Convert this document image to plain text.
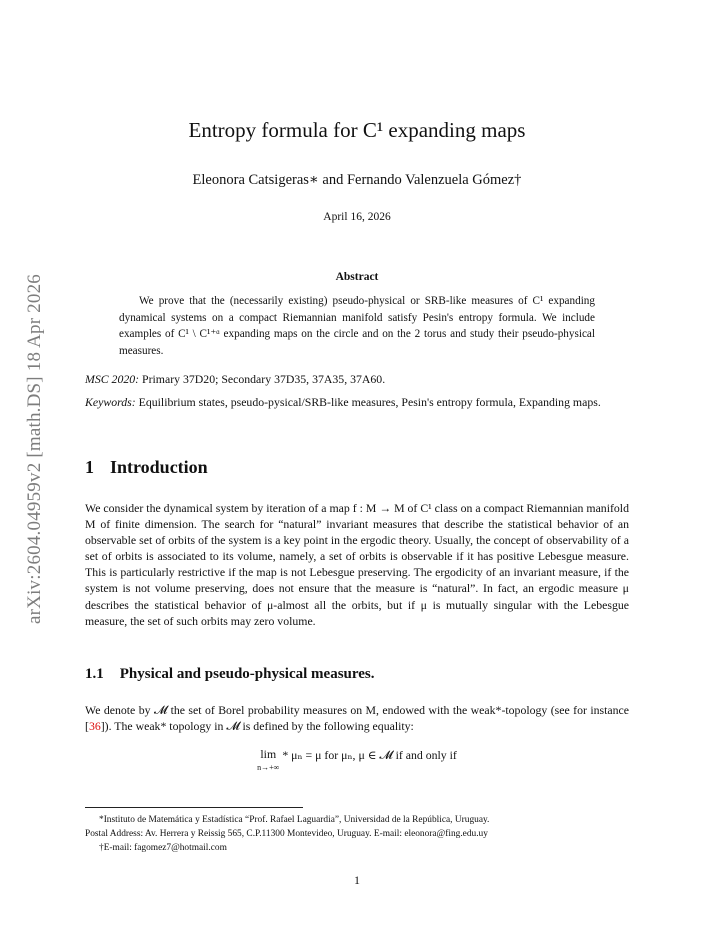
arXiv:2604.04959v2 [math.DS] 18 Apr 2026
Entropy formula for C¹ expanding maps
Eleonora Catsigeras∗ and Fernando Valenzuela Gómez†
April 16, 2026
Abstract
We prove that the (necessarily existing) pseudo-physical or SRB-like measures of C¹ expanding dynamical systems on a compact Riemannian manifold satisfy Pesin's entropy formula. We include examples of C¹ \ C¹⁺ᵅ expanding maps on the circle and on the 2 torus and study their pseudo-physical measures.
MSC 2020: Primary 37D20; Secondary 37D35, 37A35, 37A60.
Keywords: Equilibrium states, pseudo-pysical/SRB-like measures, Pesin's entropy formula, Expanding maps.
1 Introduction
We consider the dynamical system by iteration of a map f : M → M of C¹ class on a compact Riemannian manifold M of finite dimension. The search for “natural” invariant measures that describe the statistical behavior of an observable set of orbits of the system is a key point in the ergodic theory. Usually, the concept of observability of a set of orbits is associated to its volume, namely, a set of orbits is observable if it has positive Lebesgue measure. This is particularly restrictive if the map is not Lebesgue preserving. The ergodicity of an invariant measure, if the system is not volume preserving, does not ensure that the measure is “natural”. In fact, an ergodic measure μ describes the statistical behavior of μ-almost all the orbits, but if μ is mutually singular with the Lebesgue measure, the set of such orbits may zero volume.
1.1 Physical and pseudo-physical measures.
We denote by 𝓜 the set of Borel probability measures on M, endowed with the weak*-topology (see for instance [36]). The weak* topology in 𝓜 is defined by the following equality:
lim
n→+∞ * μₙ = μ for μₙ, μ ∈ 𝓜 if and only if
*Instituto de Matemática y Estadística “Prof. Rafael Laguardia”, Universidad de la República, Uruguay.
Postal Address: Av. Herrera y Reissig 565, C.P.11300 Montevideo, Uruguay. E-mail: eleonora@fing.edu.uy
†E-mail: fagomez7@hotmail.com
1
